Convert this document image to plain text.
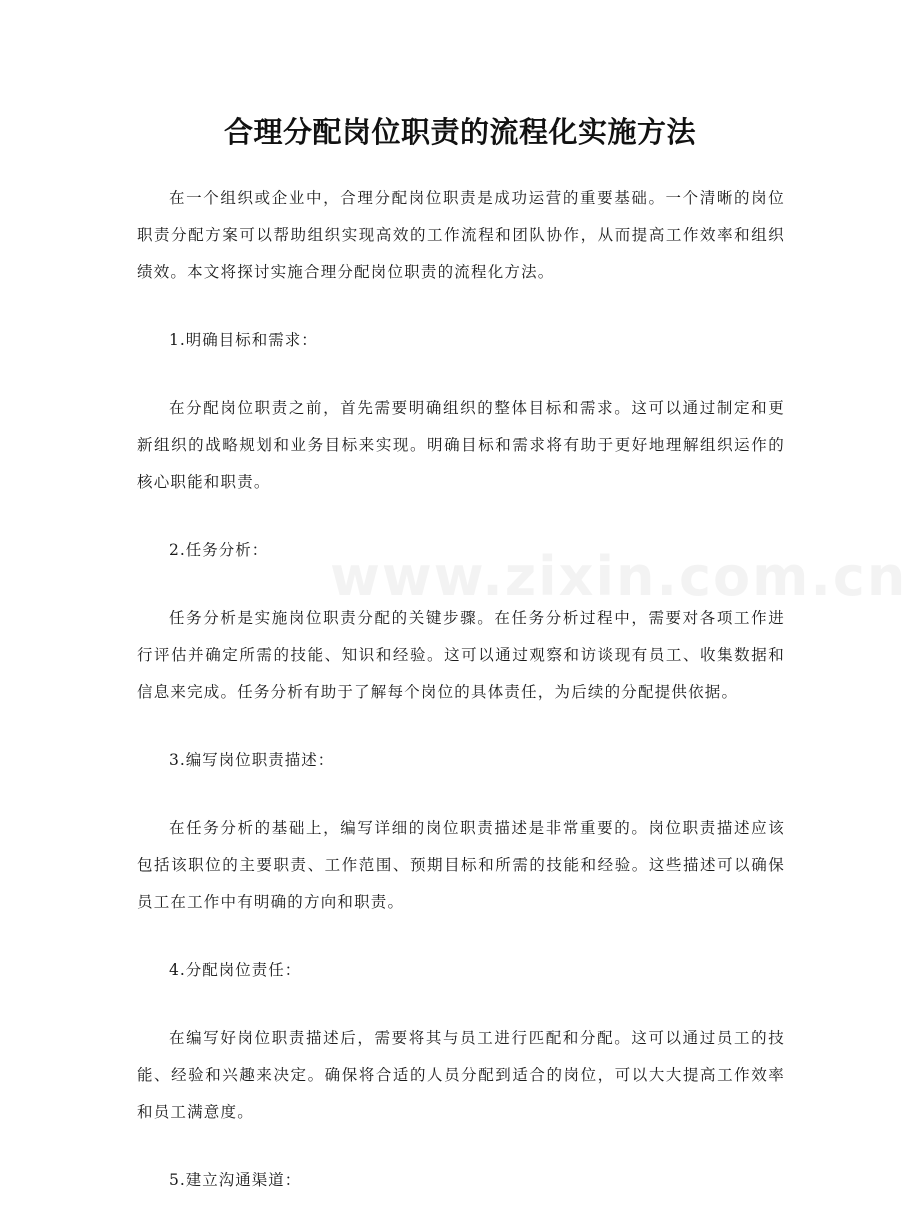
www.zixin.com.cn
合理分配岗位职责的流程化实施方法

在一个组织或企业中，合理分配岗位职责是成功运营的重要基础。一个清晰的岗位职责分配方案可以帮助组织实现高效的工作流程和团队协作，从而提高工作效率和组织绩效。本文将探讨实施合理分配岗位职责的流程化方法。

1.明确目标和需求：

在分配岗位职责之前，首先需要明确组织的整体目标和需求。这可以通过制定和更新组织的战略规划和业务目标来实现。明确目标和需求将有助于更好地理解组织运作的核心职能和职责。

2.任务分析：

任务分析是实施岗位职责分配的关键步骤。在任务分析过程中，需要对各项工作进行评估并确定所需的技能、知识和经验。这可以通过观察和访谈现有员工、收集数据和信息来完成。任务分析有助于了解每个岗位的具体责任，为后续的分配提供依据。

3.编写岗位职责描述：

在任务分析的基础上，编写详细的岗位职责描述是非常重要的。岗位职责描述应该包括该职位的主要职责、工作范围、预期目标和所需的技能和经验。这些描述可以确保员工在工作中有明确的方向和职责。

4.分配岗位责任：

在编写好岗位职责描述后，需要将其与员工进行匹配和分配。这可以通过员工的技能、经验和兴趣来决定。确保将合适的人员分配到适合的岗位，可以大大提高工作效率和员工满意度。

5.建立沟通渠道：
